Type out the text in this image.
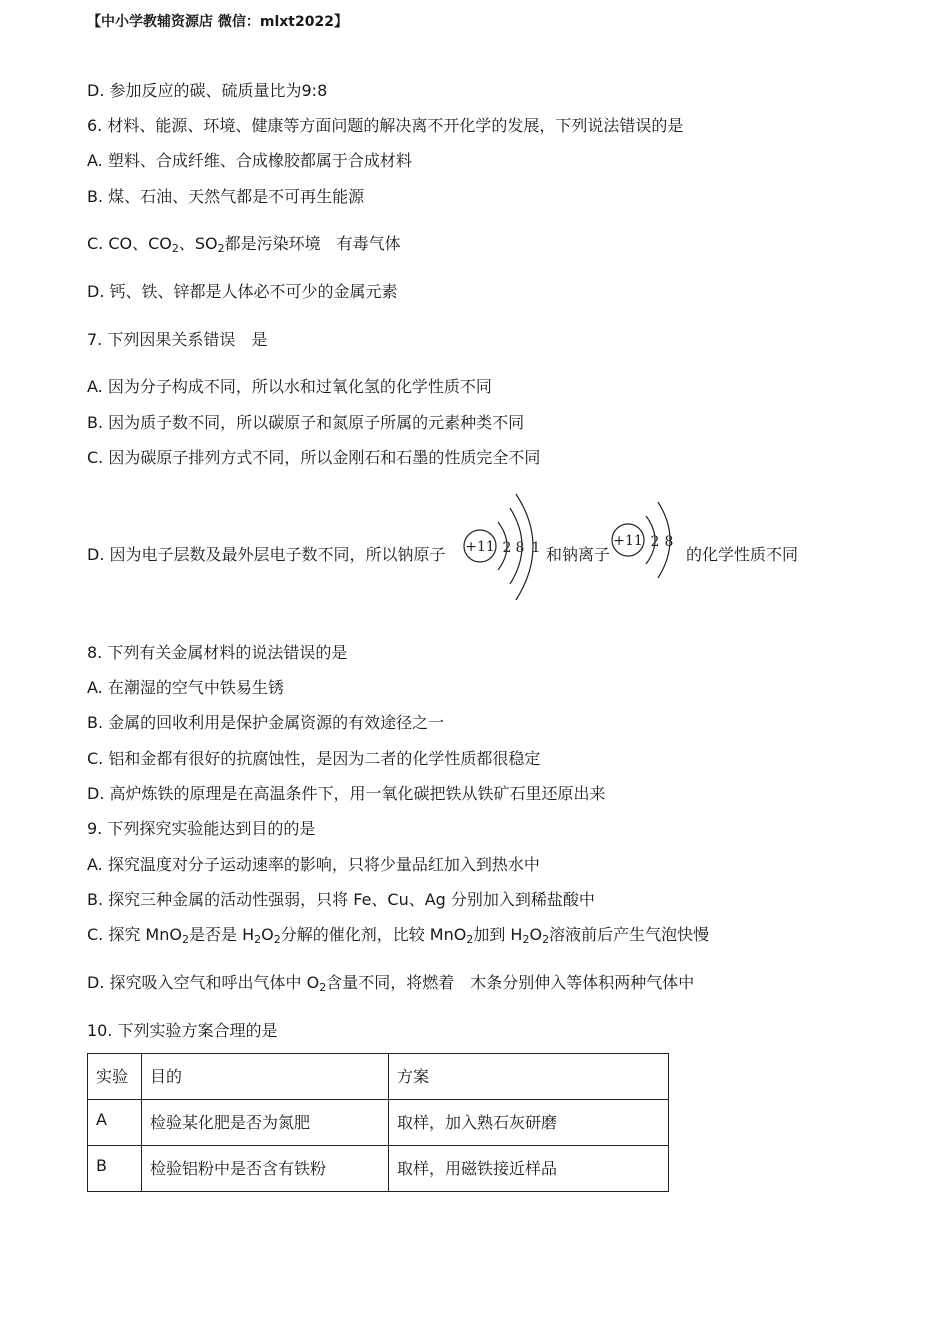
【中小学教辅资源店 微信：mlxt2022】
D. 参加反应的碳、硫质量比为9:8
6. 材料、能源、环境、健康等方面问题的解决离不开化学的发展，下列说法错误的是
A. 塑料、合成纤维、合成橡胶都属于合成材料
B. 煤、石油、天然气都是不可再生能源
C. CO、$CO_2$、$SO_2$都是污染环境　有毒气体
D. 钙、铁、锌都是人体必不可少的金属元素
7. 下列因果关系错误　是
A. 因为分子构成不同，所以水和过氧化氢的化学性质不同
B. 因为质子数不同，所以碳原子和氮原子所属的元素种类不同
C. 因为碳原子排列方式不同，所以金刚石和石墨的性质完全不同
D. 因为电子层数及最外层电子数不同，所以钠原子 +11 2 8 1 和钠离子
+11 2 8
的化学性质不同
8. 下列有关金属材料的说法错误的是
A. 在潮湿的空气中铁易生锈
B. 金属的回收利用是保护金属资源的有效途径之一
C. 铝和金都有很好的抗腐蚀性，是因为二者的化学性质都很稳定
D. 高炉炼铁的原理是在高温条件下，用一氧化碳把铁从铁矿石里还原出来
9. 下列探究实验能达到目的的是
A. 探究温度对分子运动速率的影响，只将少量品红加入到热水中
B. 探究三种金属的活动性强弱，只将 Fe、Cu、Ag 分别加入到稀盐酸中
C. 探究 MnO$_2$是否是 $H_2O_2$分解的催化剂，比较 MnO$_2$加到 $H_2O_2$溶液前后产生气泡快慢
D. 探究吸入空气和呼出气体中 $O_2$含量不同，将燃着　木条分别伸入等体积两种气体中
10. 下列实验方案合理的是
实验	目的	方案
A	检验某化肥是否为氮肥	取样，加入熟石灰研磨
B	检验铝粉中是否含有铁粉	取样，用磁铁接近样品
